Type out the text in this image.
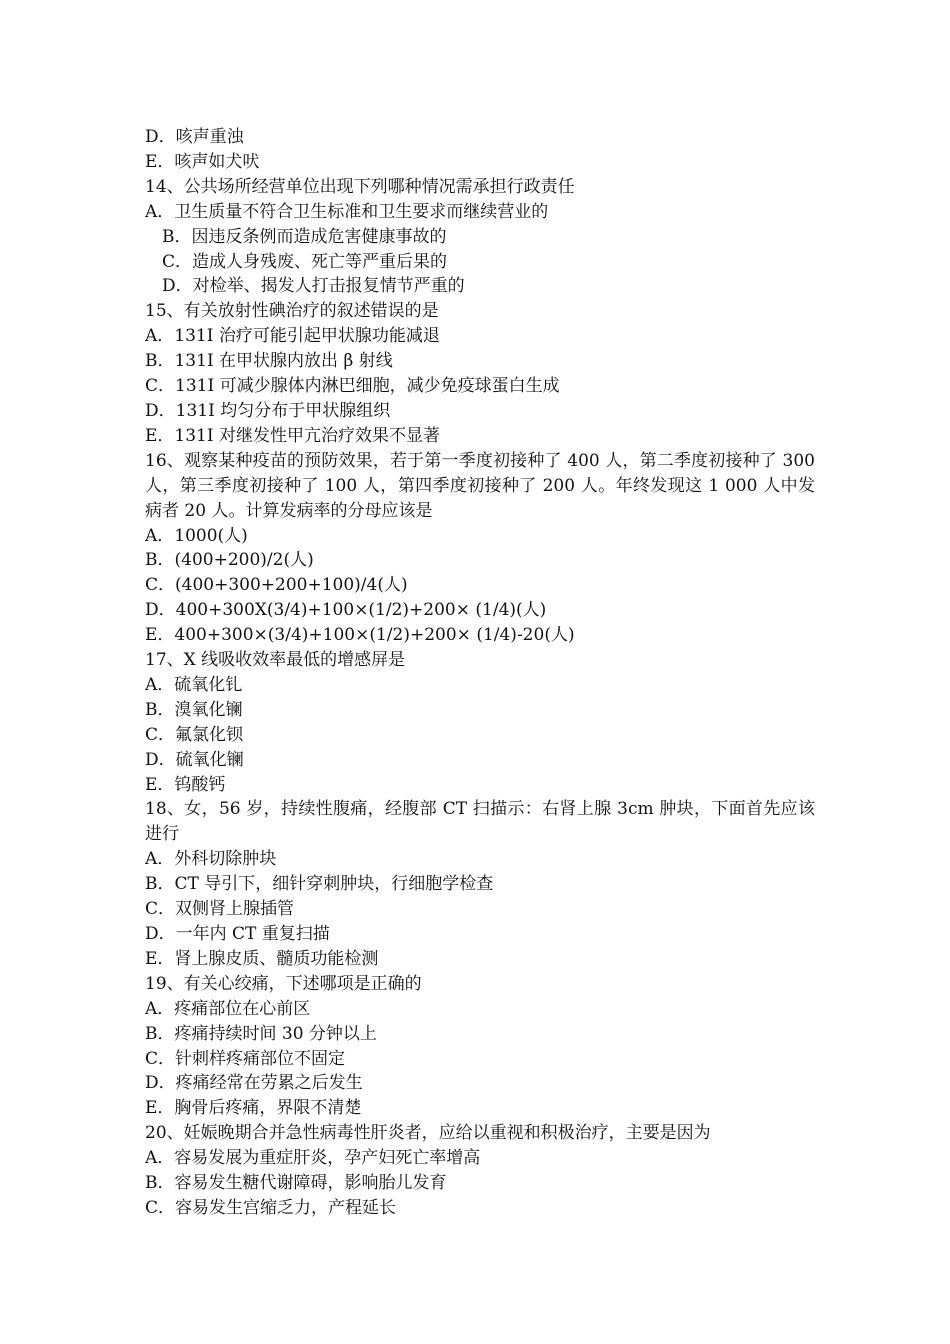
D．咳声重浊
E．咳声如犬吠
14、公共场所经营单位出现下列哪种情况需承担行政责任
A．卫生质量不符合卫生标准和卫生要求而继续营业的
B．因违反条例而造成危害健康事故的
C．造成人身残废、死亡等严重后果的
D．对检举、揭发人打击报复情节严重的
15、有关放射性碘治疗的叙述错误的是
A．131I 治疗可能引起甲状腺功能减退
B．131I 在甲状腺内放出 β 射线
C．131I 可减少腺体内淋巴细胞，减少免疫球蛋白生成
D．131I 均匀分布于甲状腺组织
E．131I 对继发性甲亢治疗效果不显著
16、观察某种疫苗的预防效果，若于第一季度初接种了 400 人，第二季度初接种了 300 人，第三季度初接种了 100 人，第四季度初接种了 200 人。年终发现这 1 000 人中发病者 20 人。计算发病率的分母应该是
A．1000(人)
B．(400+200)/2(人)
C．(400+300+200+100)/4(人)
D．400+300X(3/4)+100×(1/2)+200× (1/4)(人)
E．400+300×(3/4)+100×(1/2)+200× (1/4)-20(人)
17、X 线吸收效率最低的增感屏是
A．硫氧化钆
B．溴氧化镧
C．氟氯化钡
D．硫氧化镧
E．钨酸钙
18、女，56 岁，持续性腹痛，经腹部 CT 扫描示：右肾上腺 3cm 肿块，下面首先应该进行
A．外科切除肿块
B．CT 导引下，细针穿刺肿块，行细胞学检查
C．双侧肾上腺插管
D．一年内 CT 重复扫描
E．肾上腺皮质、髓质功能检测
19、有关心绞痛，下述哪项是正确的
A．疼痛部位在心前区
B．疼痛持续时间 30 分钟以上
C．针刺样疼痛部位不固定
D．疼痛经常在劳累之后发生
E．胸骨后疼痛，界限不清楚
20、妊娠晚期合并急性病毒性肝炎者，应给以重视和积极治疗，主要是因为
A．容易发展为重症肝炎，孕产妇死亡率增高
B．容易发生糖代谢障碍，影响胎儿发育
C．容易发生宫缩乏力，产程延长
